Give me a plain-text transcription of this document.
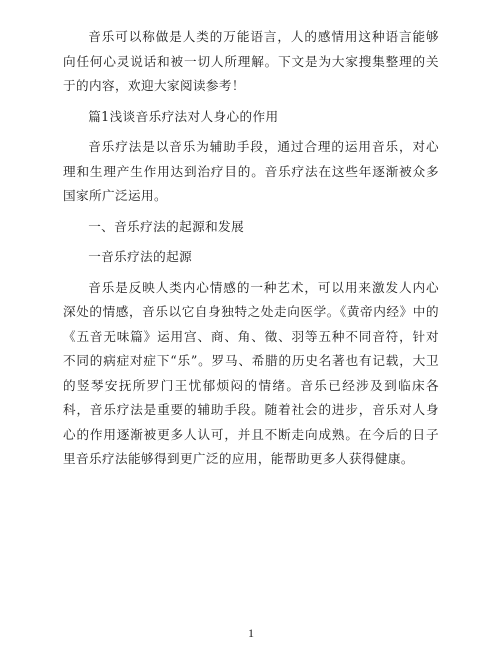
音乐可以称做是人类的万能语言，人的感情用这种语言能够向任何心灵说话和被一切人所理解。下文是为大家搜集整理的关于的内容，欢迎大家阅读参考！

篇1浅谈音乐疗法对人身心的作用

音乐疗法是以音乐为辅助手段，通过合理的运用音乐，对心理和生理产生作用达到治疗目的。音乐疗法在这些年逐渐被众多国家所广泛运用。

一、音乐疗法的起源和发展

一音乐疗法的起源

音乐是反映人类内心情感的一种艺术，可以用来激发人内心深处的情感，音乐以它自身独特之处走向医学。《黄帝内经》中的《五音无味篇》运用宫、商、角、徵、羽等五种不同音符，针对不同的病症对症下“乐”。罗马、希腊的历史名著也有记载，大卫的竖琴安抚所罗门王忧郁烦闷的情绪。音乐已经涉及到临床各科，音乐疗法是重要的辅助手段。随着社会的进步，音乐对人身心的作用逐渐被更多人认可，并且不断走向成熟。在今后的日子里音乐疗法能够得到更广泛的应用，能帮助更多人获得健康。

1
